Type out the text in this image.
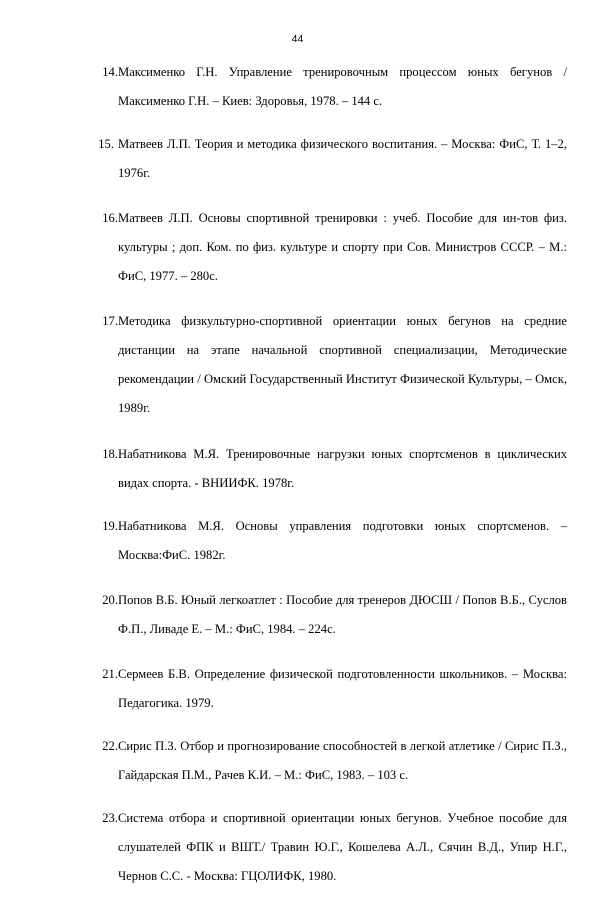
44
14. Максименко Г.Н. Управление тренировочным процессом юных бегунов / Максименко Г.Н. – Киев: Здоровья, 1978. – 144 с.
15. Матвеев Л.П. Теория и методика физического воспитания. – Москва: ФиС, Т. 1–2, 1976г.
16. Матвеев Л.П. Основы спортивной тренировки : учеб. Пособие для ин-тов физ. культуры ; доп. Ком. по физ. культуре и спорту при Сов. Министров СССР. – М.: ФиС, 1977. – 280с.
17. Методика физкультурно-спортивной ориентации юных бегунов на средние дистанции на этапе начальной спортивной специализации, Методические рекомендации / Омский Государственный Институт Физической Культуры, – Омск, 1989г.
18. Набатникова М.Я. Тренировочные нагрузки юных спортсменов в циклических видах спорта. - ВНИИФК. 1978г.
19. Набатникова М.Я. Основы управления подготовки юных спортсменов. – Москва:ФиС. 1982г.
20. Попов В.Б. Юный легкоатлет : Пособие для тренеров ДЮСШ / Попов В.Б., Суслов Ф.П., Ливаде Е. – М.: ФиС, 1984. – 224с.
21. Сермеев Б.В. Определение физической подготовленности школьников. – Москва: Педагогика. 1979.
22. Сирис П.З. Отбор и прогнозирование способностей в легкой атлетике / Сирис П.З., Гайдарская П.М., Рачев К.И. – М.: ФиС, 1983. – 103 с.
23. Система отбора и спортивной ориентации юных бегунов. Учебное пособие для слушателей ФПК и ВШТ./ Травин Ю.Г., Кошелева А.Л., Сячин В.Д., Упир Н.Г., Чернов С.С. - Москва: ГЦОЛИФК, 1980.
